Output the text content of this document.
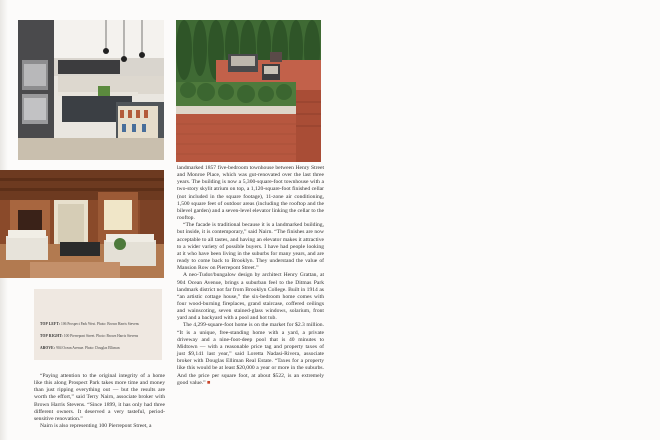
TOP LEFT: 106 Prospect Park West. Photo: Brown Harris Stevens
TOP RIGHT: 100 Pierrepont Street. Photo: Brown Harris Stevens
ABOVE: 904 Ocean Avenue. Photo: Douglas Elliman

landmarked 1857 five-bedroom townhouse between Henry Street and Monroe Place, which was gut-renovated over the last three years. The building is now a 5,300-square-foot townhouse with a two-story skylit atrium on top, a 1,120-square-foot finished cellar (not included in the square footage), 11-zone air conditioning, 1,500 square feet of outdoor areas (including the rooftop and the bilevel garden) and a seven-level elevator linking the cellar to the rooftop.

“The facade is traditional because it is a landmarked building, but inside, it is contemporary,” said Nairn. “The finishes are now acceptable to all tastes, and having an elevator makes it attractive to a wider variety of possible buyers. I have had people looking at it who have been living in the suburbs for many years, and are ready to come back to Brooklyn. They understand the value of Mansion Row on Pierrepont Street.”

A neo-Tudor/bungalow design by architect Henry Grattan, at 904 Ocean Avenue, brings a suburban feel to the Ditmas Park landmark district not far from Brooklyn College. Built in 1914 as “an artistic cottage house,” the six-bedroom home comes with four wood-burning fireplaces, grand staircase, coffered ceilings and wainscoting, seven stained-glass windows, solarium, front yard and a backyard with a pool and hot tub.

The 4,299-square-foot home is on the market for $2.3 million. “It is a unique, free-standing home with a yard, a private driveway and a nine-foot-deep pool that is 40 minutes to Midtown — with a reasonable price tag and property taxes of just $9,141 last year,” said Loretta Nadasi-Rivera, associate broker with Douglas Elliman Real Estate. “Taxes for a property like this would be at least $20,000 a year or more in the suburbs. And the price per square foot, at about $522, is an extremely good value.” ■

“Paying attention to the original integrity of a home like this along Prospect Park takes more time and money than just ripping everything out — but the results are worth the effort,” said Terry Nairn, associate broker with Brown Harris Stevens. “Since 1899, it has only had three different owners. It deserved a very tasteful, period-sensitive renovation.”

Nairn is also representing 100 Pierrepont Street, a
